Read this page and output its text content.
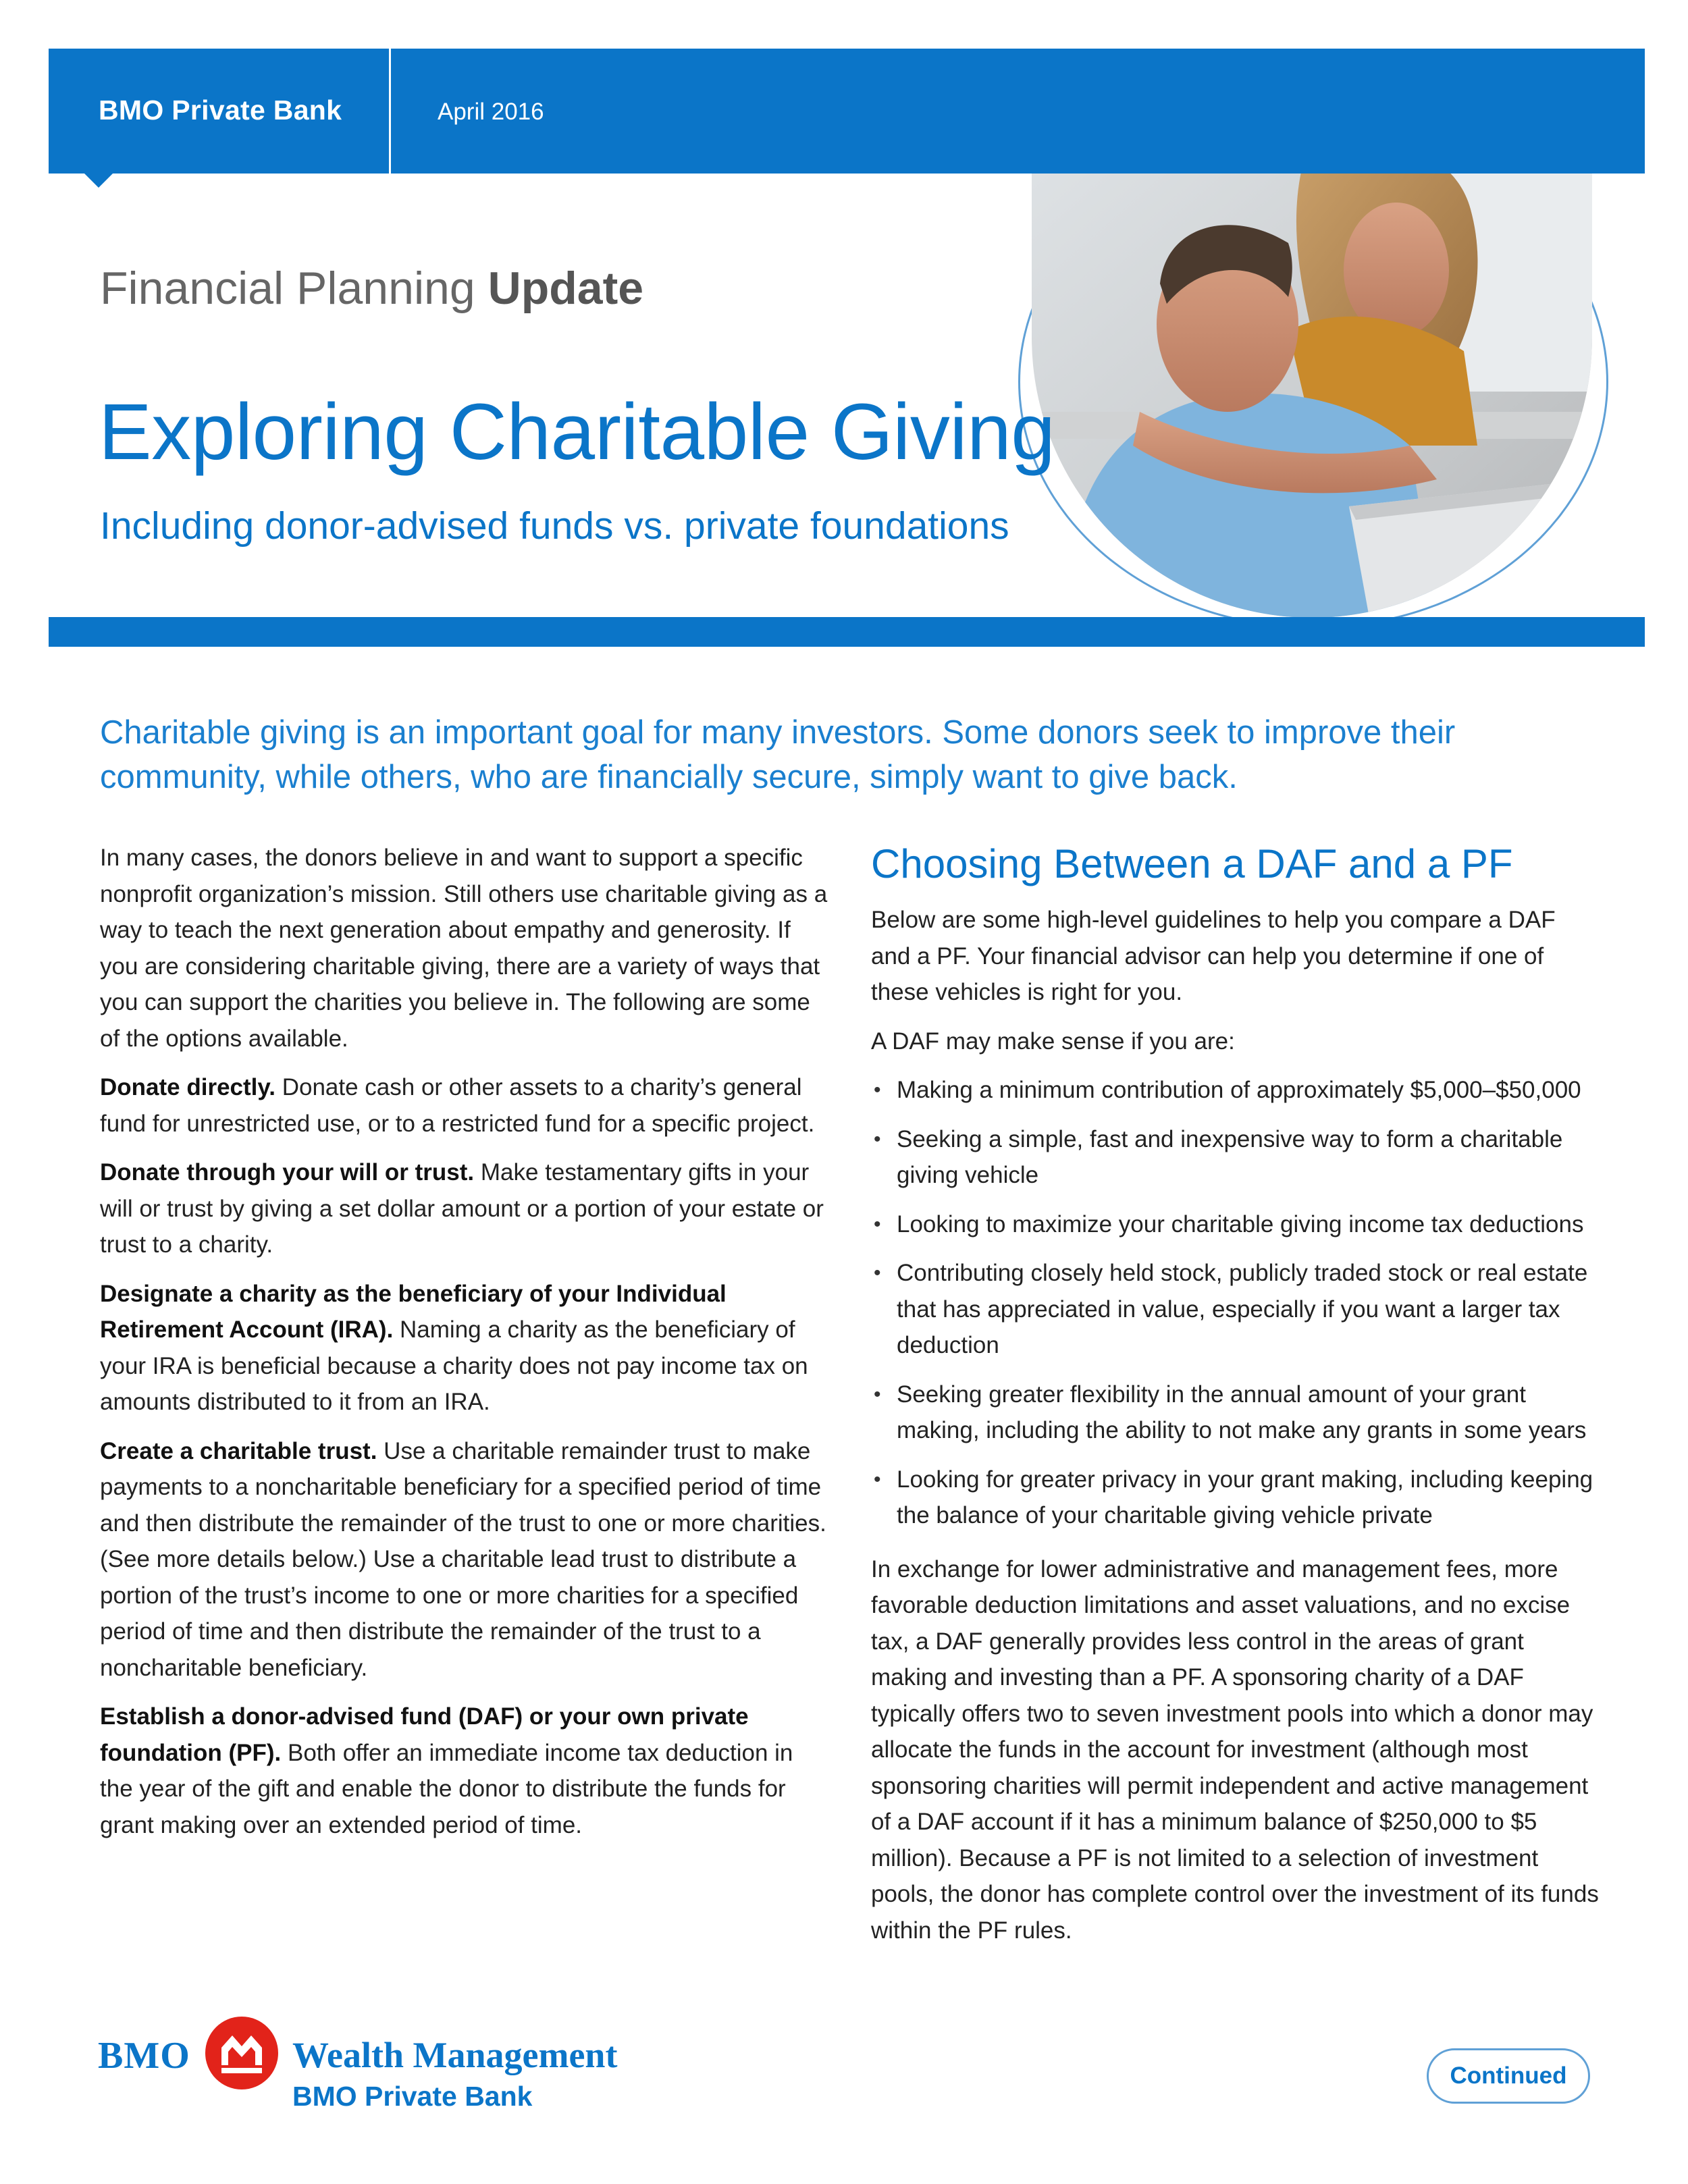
BMO Private Bank	April 2016
Financial Planning Update
Exploring Charitable Giving
Including donor-advised funds vs. private foundations
Charitable giving is an important goal for many investors. Some donors seek to improve their community, while others, who are financially secure, simply want to give back.

In many cases, the donors believe in and want to support a specific nonprofit organization’s mission. Still others use charitable giving as a way to teach the next generation about empathy and generosity. If you are considering charitable giving, there are a variety of ways that you can support the charities you believe in. The following are some of the options available.

Donate directly. Donate cash or other assets to a charity’s general fund for unrestricted use, or to a restricted fund for a specific project.

Donate through your will or trust. Make testamentary gifts in your will or trust by giving a set dollar amount or a portion of your estate or trust to a charity.

Designate a charity as the beneficiary of your Individual Retirement Account (IRA). Naming a charity as the beneficiary of your IRA is beneficial because a charity does not pay income tax on amounts distributed to it from an IRA.

Create a charitable trust. Use a charitable remainder trust to make payments to a noncharitable beneficiary for a specified period of time and then distribute the remainder of the trust to one or more charities. (See more details below.) Use a charitable lead trust to distribute a portion of the trust’s income to one or more charities for a specified period of time and then distribute the remainder of the trust to a noncharitable beneficiary.

Establish a donor-advised fund (DAF) or your own private foundation (PF). Both offer an immediate income tax deduction in the year of the gift and enable the donor to distribute the funds for grant making over an extended period of time.

Choosing Between a DAF and a PF

Below are some high-level guidelines to help you compare a DAF and a PF. Your financial advisor can help you determine if one of these vehicles is right for you.

A DAF may make sense if you are:

• Making a minimum contribution of approximately $5,000–$50,000
• Seeking a simple, fast and inexpensive way to form a charitable giving vehicle
• Looking to maximize your charitable giving income tax deductions
• Contributing closely held stock, publicly traded stock or real estate that has appreciated in value, especially if you want a larger tax deduction
• Seeking greater flexibility in the annual amount of your grant making, including the ability to not make any grants in some years
• Looking for greater privacy in your grant making, including keeping the balance of your charitable giving vehicle private

In exchange for lower administrative and management fees, more favorable deduction limitations and asset valuations, and no excise tax, a DAF generally provides less control in the areas of grant making and investing than a PF. A sponsoring charity of a DAF typically offers two to seven investment pools into which a donor may allocate the funds in the account for investment (although most sponsoring charities will permit independent and active management of a DAF account if it has a minimum balance of $250,000 to $5 million). Because a PF is not limited to a selection of investment pools, the donor has complete control over the investment of its funds within the PF rules.

BMO	Wealth Management
BMO Private Bank
Continued
